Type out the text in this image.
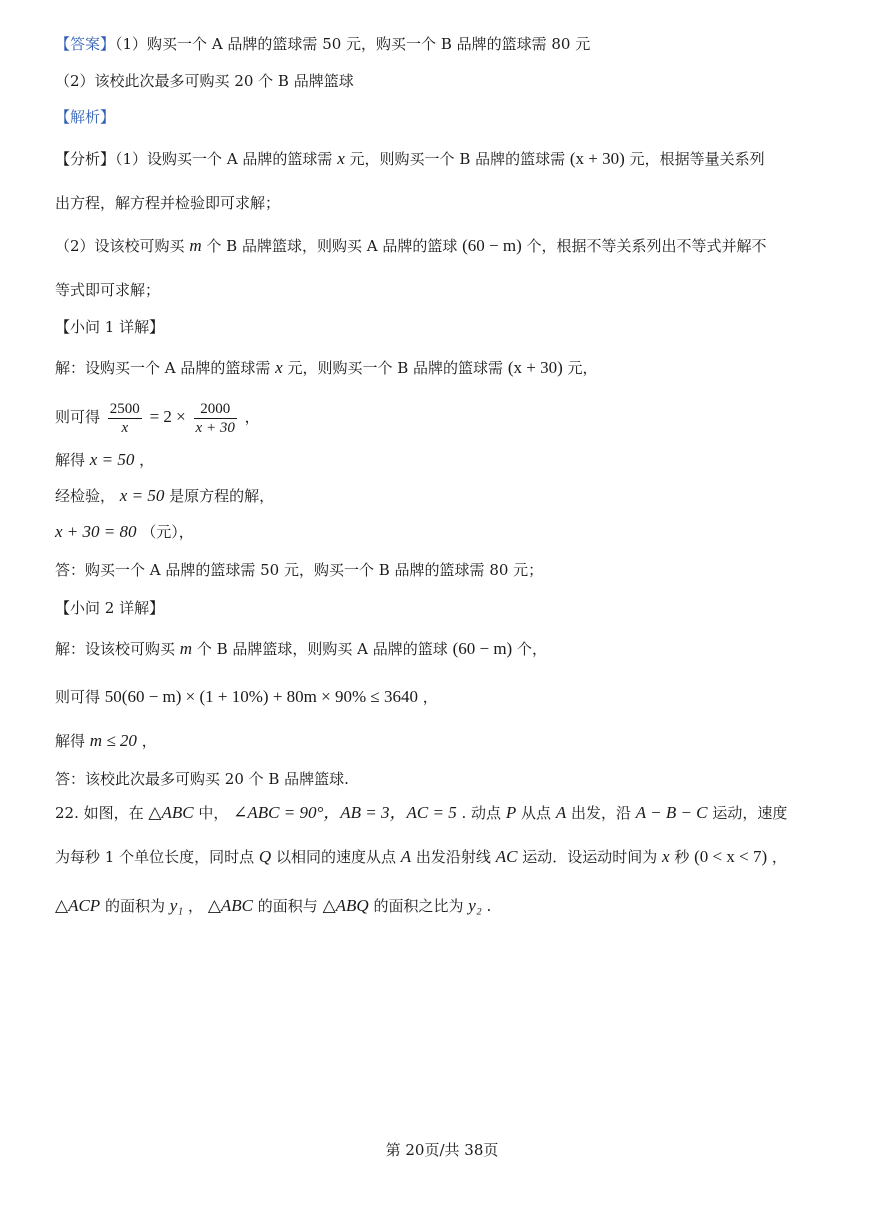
【答案】（1）购买一个 A 品牌的篮球需 50 元，购买一个 B 品牌的篮球需 80 元
（2）该校此次最多可购买 20 个 B 品牌篮球
【解析】
【分析】（1）设购买一个 A 品牌的篮球需 x 元，则购买一个 B 品牌的篮球需 (x + 30) 元，根据等量关系列
出方程，解方程并检验即可求解；
（2）设该校可购买 m 个 B 品牌篮球，则购买 A 品牌的篮球 (60 − m) 个，根据不等关系列出不等式并解不
等式即可求解；
【小问 1 详解】
解：设购买一个 A 品牌的篮球需 x 元，则购买一个 B 品牌的篮球需 (x + 30) 元，
则可得 $\frac{2500}{x} = 2 \times \frac{2000}{x + 30}$ ，
解得 x = 50 ，
经检验， x = 50 是原方程的解，
x + 30 = 80 （元），
答：购买一个 A 品牌的篮球需 50 元，购买一个 B 品牌的篮球需 80 元；
【小问 2 详解】
解：设该校可购买 m 个 B 品牌篮球，则购买 A 品牌的篮球 (60 − m) 个，
则可得 50(60 − m) × (1 + 10%) + 80m × 90% ≤ 3640 ，
解得 m ≤ 20 ，
答：该校此次最多可购买 20 个 B 品牌篮球.
22. 如图，在 △ABC 中， ∠ABC = 90°，AB = 3，AC = 5 . 动点 P 从点 A 出发，沿 A − B − C 运动，速度
为每秒 1 个单位长度，同时点 Q 以相同的速度从点 A 出发沿射线 AC 运动．设运动时间为 x 秒 (0 < x < 7) ，
△ACP 的面积为 y₁ ， △ABC 的面积与 △ABQ 的面积之比为 y₂ .
第 20页/共 38页
